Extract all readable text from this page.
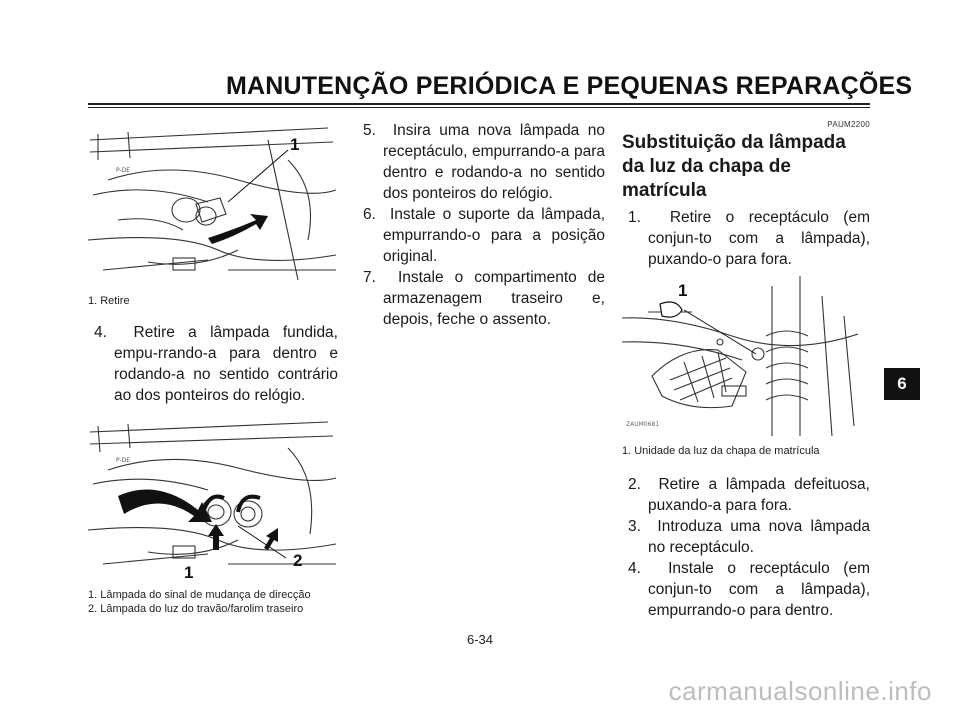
MANUTENÇÃO PERIÓDICA E PEQUENAS REPARAÇÕES
P-DE
1
1. Retire

4. Retire a lâmpada fundida, empu-rrando-a para dentro e rodando-a no sentido contrário ao dos ponteiros do relógio.

P-DE
1
2
1. Lâmpada do sinal de mudança de direcção
2. Lâmpada do luz do travão/farolim traseiro

5. Insira uma nova lâmpada no receptáculo, empurrando-a para dentro e rodando-a no sentido dos ponteiros do relógio.

6. Instale o suporte da lâmpada, empurrando-o para a posição original.

7. Instale o compartimento de armazenagem traseiro e, depois, feche o assento.

PAUM2200
Substituição da lâmpada da luz da chapa de matrícula

1. Retire o receptáculo (em conjun-to com a lâmpada), puxando-o para fora.

1
ZAUM0681
1. Unidade da luz da chapa de matrícula

2. Retire a lâmpada defeituosa, puxando-a para fora.

3. Introduza uma nova lâmpada no receptáculo.

4. Instale o receptáculo (em conjun-to com a lâmpada), empurrando-o para dentro.

6
6-34
carmanualsonline.info
